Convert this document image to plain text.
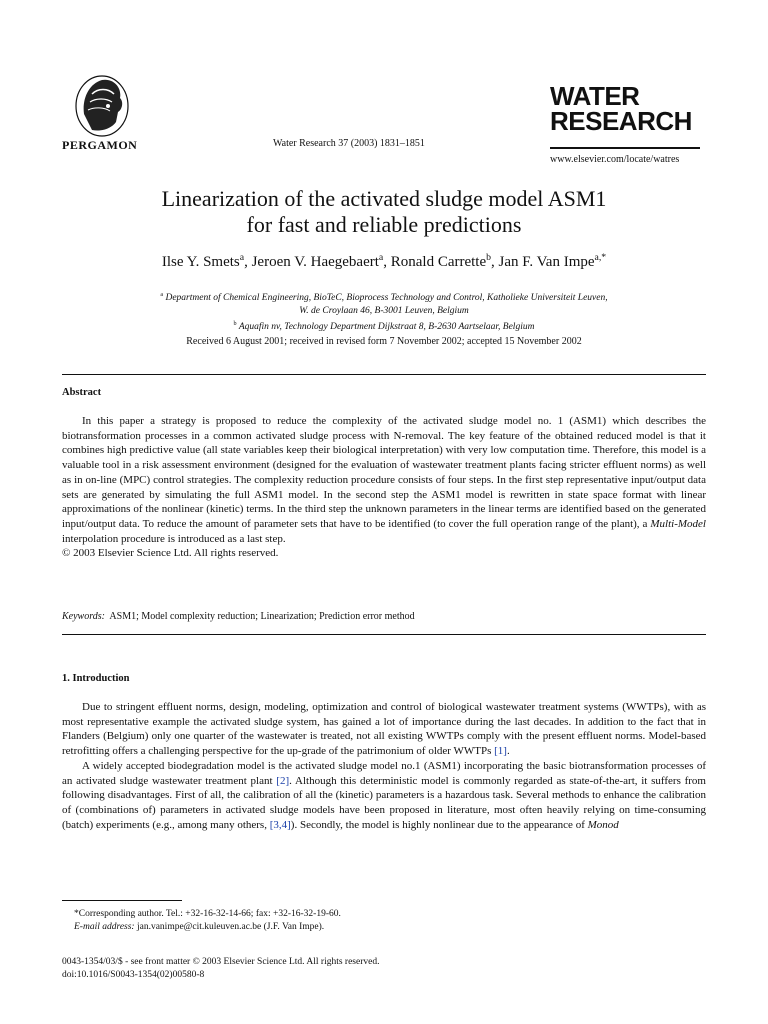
PERGAMON	Water Research 37 (2003) 1831–1851
WATER
RESEARCH
www.elsevier.com/locate/watres
Linearization of the activated sludge model ASM1
for fast and reliable predictions
Ilse Y. Smets$^a$, Jeroen V. Haegebaert$^a$, Ronald Carrette$^b$, Jan F. Van Impe$^{a,*}$
$^a$ Department of Chemical Engineering, BioTeC, Bioprocess Technology and Control, Katholieke Universiteit Leuven,
W. de Croylaan 46, B-3001 Leuven, Belgium
$^b$ Aquafin nv, Technology Department Dijkstraat 8, B-2630 Aartselaar, Belgium
Received 6 August 2001; received in revised form 7 November 2002; accepted 15 November 2002
Abstract

In this paper a strategy is proposed to reduce the complexity of the activated sludge model no. 1 (ASM1) which describes the biotransformation processes in a common activated sludge process with N-removal. The key feature of the obtained reduced model is that it combines high predictive value (all state variables keep their biological interpretation) with very low computation time. Therefore, this model is a valuable tool in a risk assessment environment (designed for the evaluation of wastewater treatment plants facing stricter effluent norms) as well as in on-line (MPC) control strategies. The complexity reduction procedure consists of four steps. In the first step representative input/output data sets are generated by simulating the full ASM1 model. In the second step the ASM1 model is rewritten in state space format with linear approximations of the nonlinear (kinetic) terms. In the third step the unknown parameters in the linear terms are identified based on the generated input/output data. To reduce the amount of parameter sets that have to be identified (to cover the full operation range of the plant), a Multi-Model interpolation procedure is introduced as a last step.

© 2003 Elsevier Science Ltd. All rights reserved.

Keywords: ASM1; Model complexity reduction; Linearization; Prediction error method
1. Introduction

Due to stringent effluent norms, design, modeling, optimization and control of biological wastewater treatment systems (WWTPs), with as most representative example the activated sludge system, has gained a lot of importance during the last decades. In addition to the fact that in Flanders (Belgium) only one quarter of the wastewater is treated, not all existing WWTPs comply with the present effluent norms. Model-based retrofitting offers a challenging perspective for the up-grade of the patrimonium of older WWTPs [1].

A widely accepted biodegradation model is the activated sludge model no.1 (ASM1) incorporating the basic biotransformation processes of an activated sludge wastewater treatment plant [2]. Although this deterministic model is commonly regarded as state-of-the-art, it suffers from following disadvantages. First of all, the calibration of all the (kinetic) parameters is a hazardous task. Several methods to enhance the calibration of (combinations of) parameters in activated sludge models have been proposed in literature, most often heavily relying on time-consuming (batch) experiments (e.g., among many others, [3,4]). Secondly, the model is highly nonlinear due to the appearance of Monod

*Corresponding author. Tel.: +32-16-32-14-66; fax: +32-16-32-19-60.
E-mail address: jan.vanimpe@cit.kuleuven.ac.be (J.F. Van Impe).
0043-1354/03/$ - see front matter © 2003 Elsevier Science Ltd. All rights reserved.
doi:10.1016/S0043-1354(02)00580-8
